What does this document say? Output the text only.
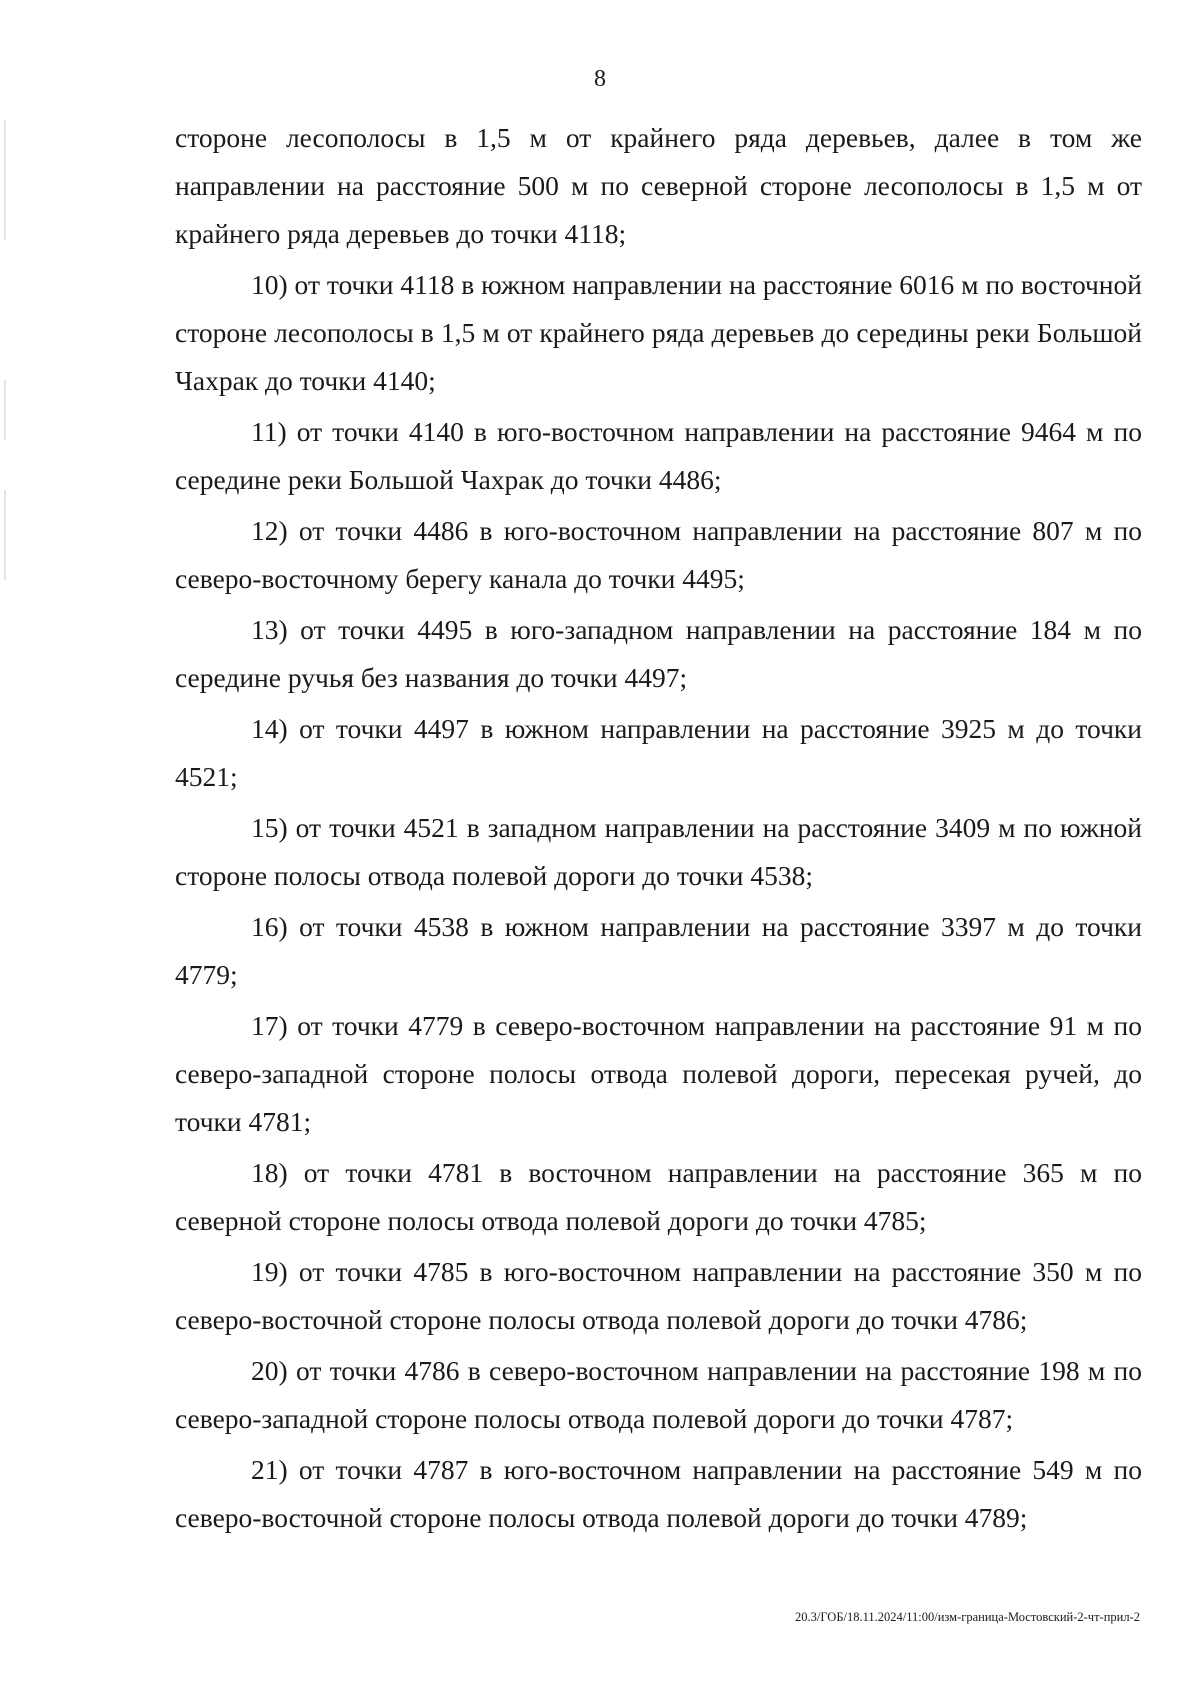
8

стороне лесополосы в 1,5 м от крайнего ряда деревьев, далее в том же направлении на расстояние 500 м по северной стороне лесополосы в 1,5 м от крайнего ряда деревьев до точки 4118;

10) от точки 4118 в южном направлении на расстояние 6016 м по восточной стороне лесополосы в 1,5 м от крайнего ряда деревьев до середины реки Большой Чахрак до точки 4140;

11) от точки 4140 в юго-восточном направлении на расстояние 9464 м по середине реки Большой Чахрак до точки 4486;

12) от точки 4486 в юго-восточном направлении на расстояние 807 м по северо-восточному берегу канала до точки 4495;

13) от точки 4495 в юго-западном направлении на расстояние 184 м по середине ручья без названия до точки 4497;

14) от точки 4497 в южном направлении на расстояние 3925 м до точки 4521;

15) от точки 4521 в западном направлении на расстояние 3409 м по южной стороне полосы отвода полевой дороги до точки 4538;

16) от точки 4538 в южном направлении на расстояние 3397 м до точки 4779;

17) от точки 4779 в северо-восточном направлении на расстояние 91 м по северо-западной стороне полосы отвода полевой дороги, пересекая ручей, до точки 4781;

18) от точки 4781 в восточном направлении на расстояние 365 м по северной стороне полосы отвода полевой дороги до точки 4785;

19) от точки 4785 в юго-восточном направлении на расстояние 350 м по северо-восточной стороне полосы отвода полевой дороги до точки 4786;

20) от точки 4786 в северо-восточном направлении на расстояние 198 м по северо-западной стороне полосы отвода полевой дороги до точки 4787;

21) от точки 4787 в юго-восточном направлении на расстояние 549 м по северо-восточной стороне полосы отвода полевой дороги до точки 4789;

20.3/ГОБ/18.11.2024/11:00/изм-граница-Мостовский-2-чт-прил-2
